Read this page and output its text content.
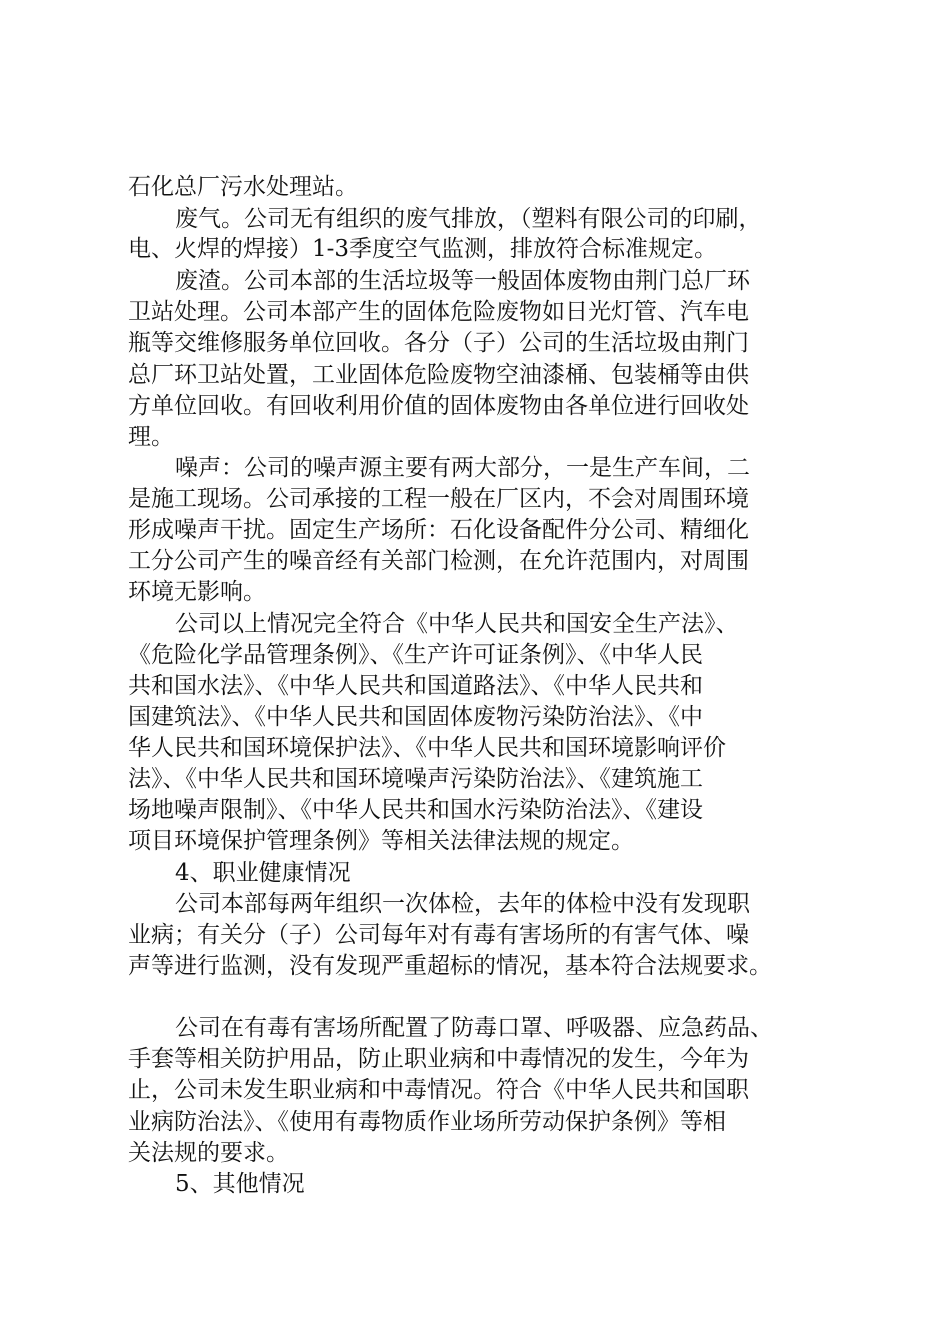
石化总厂污水处理站。

废气。公司无有组织的废气排放，（塑料有限公司的印刷，

电、火焊的焊接）1-3季度空气监测，排放符合标准规定。

废渣。公司本部的生活垃圾等一般固体废物由荆门总厂环

卫站处理。公司本部产生的固体危险废物如日光灯管、汽车电

瓶等交维修服务单位回收。各分（子）公司的生活垃圾由荆门

总厂环卫站处置，工业固体危险废物空油漆桶、包装桶等由供

方单位回收。有回收利用价值的固体废物由各单位进行回收处

理。

噪声：公司的噪声源主要有两大部分，一是生产车间，二

是施工现场。公司承接的工程一般在厂区内，不会对周围环境

形成噪声干扰。固定生产场所：石化设备配件分公司、精细化

工分公司产生的噪音经有关部门检测，在允许范围内，对周围

环境无影响。

公司以上情况完全符合《中华人民共和国安全生产法》、

《危险化学品管理条例》、《生产许可证条例》、《中华人民

共和国水法》、《中华人民共和国道路法》、《中华人民共和

国建筑法》、《中华人民共和国固体废物污染防治法》、《中

华人民共和国环境保护法》、《中华人民共和国环境影响评价

法》、《中华人民共和国环境噪声污染防治法》、《建筑施工

场地噪声限制》、《中华人民共和国水污染防治法》、《建设

项目环境保护管理条例》等相关法律法规的规定。

4、职业健康情况

公司本部每两年组织一次体检，去年的体检中没有发现职

业病；有关分（子）公司每年对有毒有害场所的有害气体、噪

声等进行监测，没有发现严重超标的情况，基本符合法规要求。

公司在有毒有害场所配置了防毒口罩、呼吸器、应急药品、

手套等相关防护用品，防止职业病和中毒情况的发生，今年为

止，公司未发生职业病和中毒情况。符合《中华人民共和国职

业病防治法》、《使用有毒物质作业场所劳动保护条例》等相

关法规的要求。

5、其他情况
